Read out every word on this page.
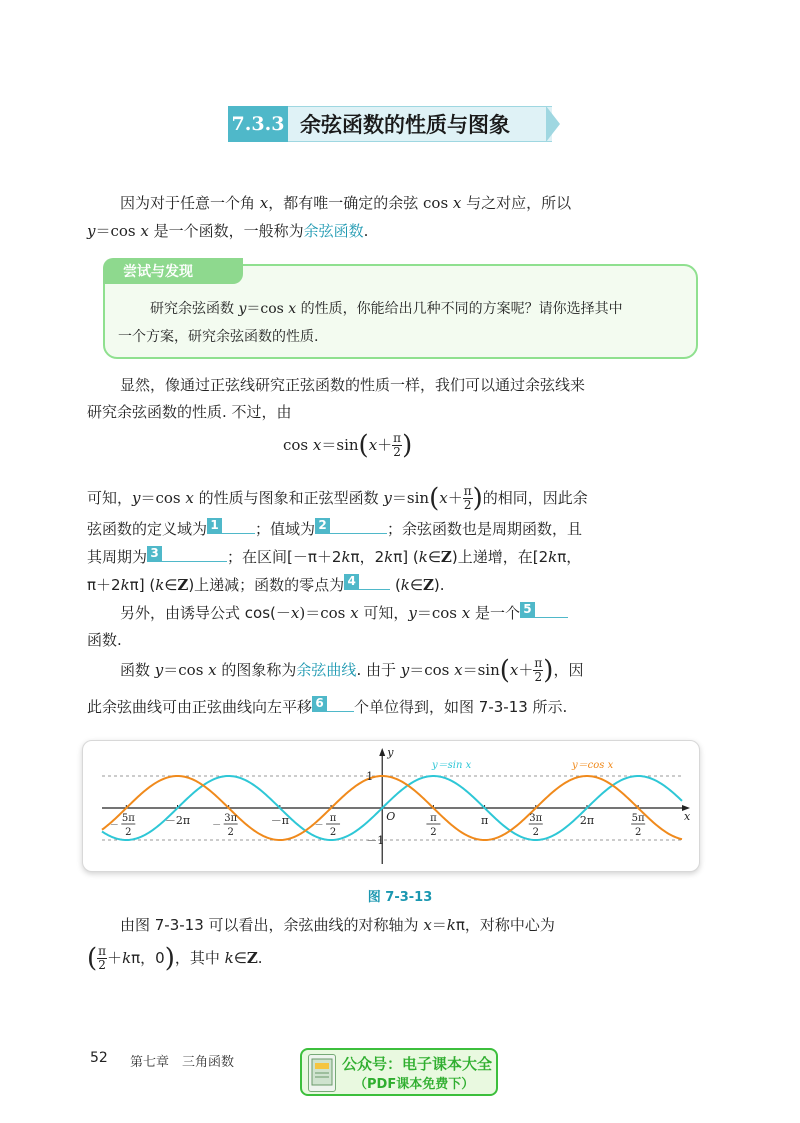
7.3.3 余弦函数的性质与图象
因为对于任意一个角 x，都有唯一确定的余弦 cos x 与之对应，所以
y＝cos x 是一个函数，一般称为余弦函数.
尝试与发现
研究余弦函数 y＝cos x 的性质，你能给出几种不同的方案呢？请你选择其中
一个方案，研究余弦函数的性质.
显然，像通过正弦线研究正弦函数的性质一样，我们可以通过余弦线来
研究余弦函数的性质. 不过，由
$\cos x=\sin(x+ \frac{\pi}{2}$ )
可知，y＝cos x 的性质与图象和正弦型函数 $y=\sin(x+ \frac{\pi}{2}$ )的相同，因此余
弦函数的定义域为 1 ；值域为 2	；余弦函数也是周期函数，且
其周期为 3	；在区间[－π＋2kπ，2kπ] (k∈Z)上递增，在[2kπ，
π＋2kπ] (k∈Z)上递减；函数的零点为 4 (k∈Z).
另外，由诱导公式 cos(－x)＝cos x 可知，y＝cos x 是一个 5
函数.
函数 y＝cos x 的图象称为余弦曲线. 由于 y＝cos $x=\sin(x+ \frac{\pi}{2}$ )，因
此余弦曲线可由正弦曲线向左平移 6 个单位得到，如图 7-3-13 所示.
y＝sin x	y＝cos x
x
y
O
1
－1
－
5π
2
－2π －
3π
2
－π	－
π
2
π
2
π	3π
2
2π	5π
2
图 7-3-13
由图 7-3-13 可以看出，余弦曲线的对称轴为 x＝kπ，对称中心为
( $\frac{\pi}{2} +k\pi$，0)，其中 k∈Z.
52 第七章　三角函数	公众号：电子课本大全
（PDF课本免费下）
